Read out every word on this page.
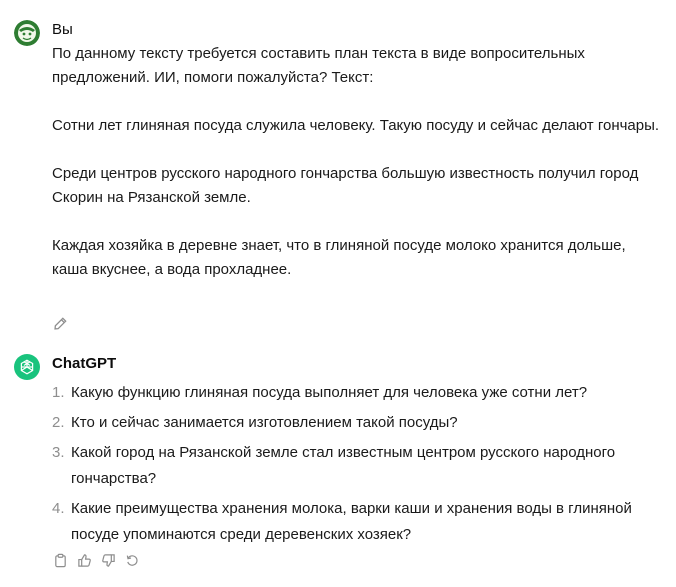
Вы

По данному тексту требуется составить план текста в виде вопросительных предложений. ИИ, помоги пожалуйста? Текст:

Сотни лет глиняная посуда служила человеку. Такую посуду и сейчас делают гончары.

Среди центров русского народного гончарства большую известность получил город Скорин на Рязанской земле.

Каждая хозяйка в деревне знает, что в глиняной посуде молоко хранится дольше, каша вкуснее, а вода прохладнее.

ChatGPT
1. Какую функцию глиняная посуда выполняет для человека уже сотни лет?
2. Кто и сейчас занимается изготовлением такой посуды?
3. Какой город на Рязанской земле стал известным центром русского народного гончарства?
4. Какие преимущества хранения молока, варки каши и хранения воды в глиняной посуде упоминаются среди деревенских хозяек?
